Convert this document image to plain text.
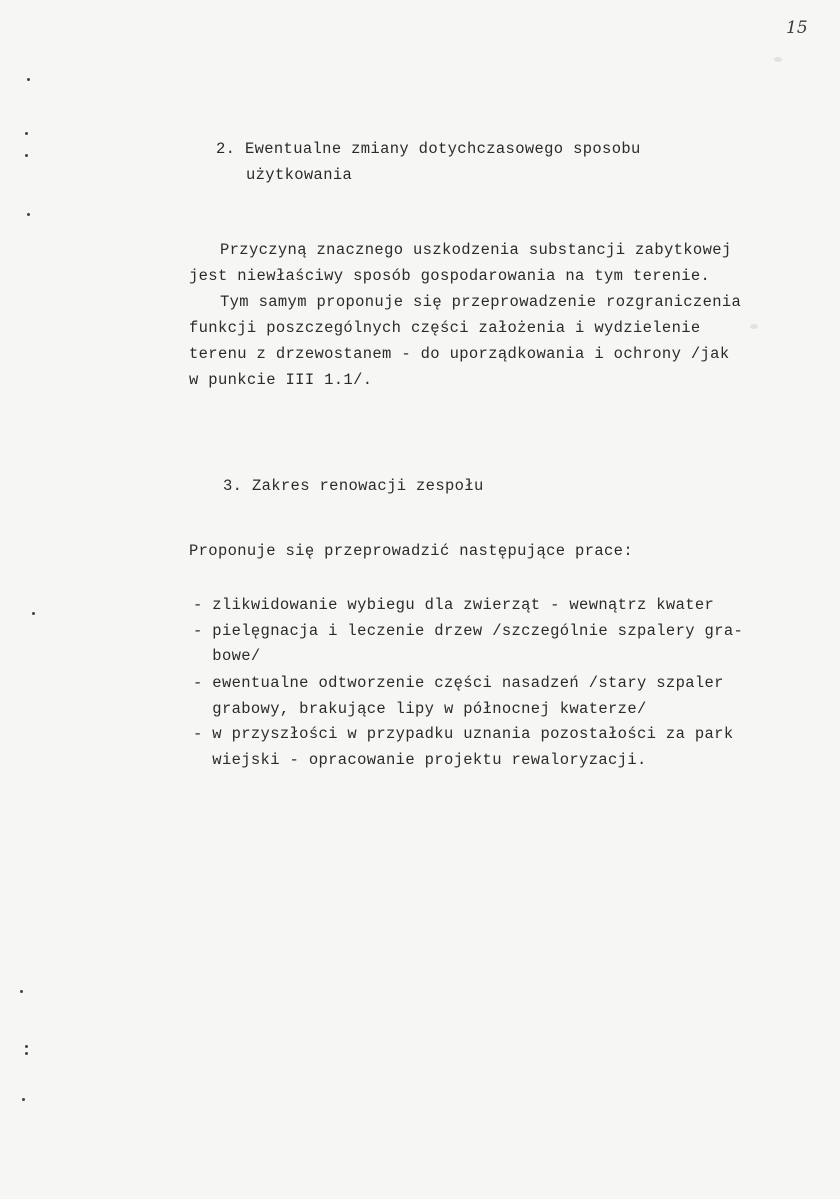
15
2. Ewentualne zmiany dotychczasowego sposobu
użytkowania
Przyczyną znacznego uszkodzenia substancji zabytkowej
jest niewłaściwy sposób gospodarowania na tym terenie.
Tym samym proponuje się przeprowadzenie rozgraniczenia
funkcji poszczególnych części założenia i wydzielenie
terenu z drzewostanem - do uporządkowania i ochrony /jak
w punkcie III 1.1/.
3. Zakres renowacji zespołu
Proponuje się przeprowadzić następujące prace:
- zlikwidowanie wybiegu dla zwierząt - wewnątrz kwater
- pielęgnacja i leczenie drzew /szczególnie szpalery gra-
bowe/
- ewentualne odtworzenie części nasadzeń /stary szpaler
grabowy, brakujące lipy w północnej kwaterze/
- w przyszłości w przypadku uznania pozostałości za park
wiejski - opracowanie projektu rewaloryzacji.
